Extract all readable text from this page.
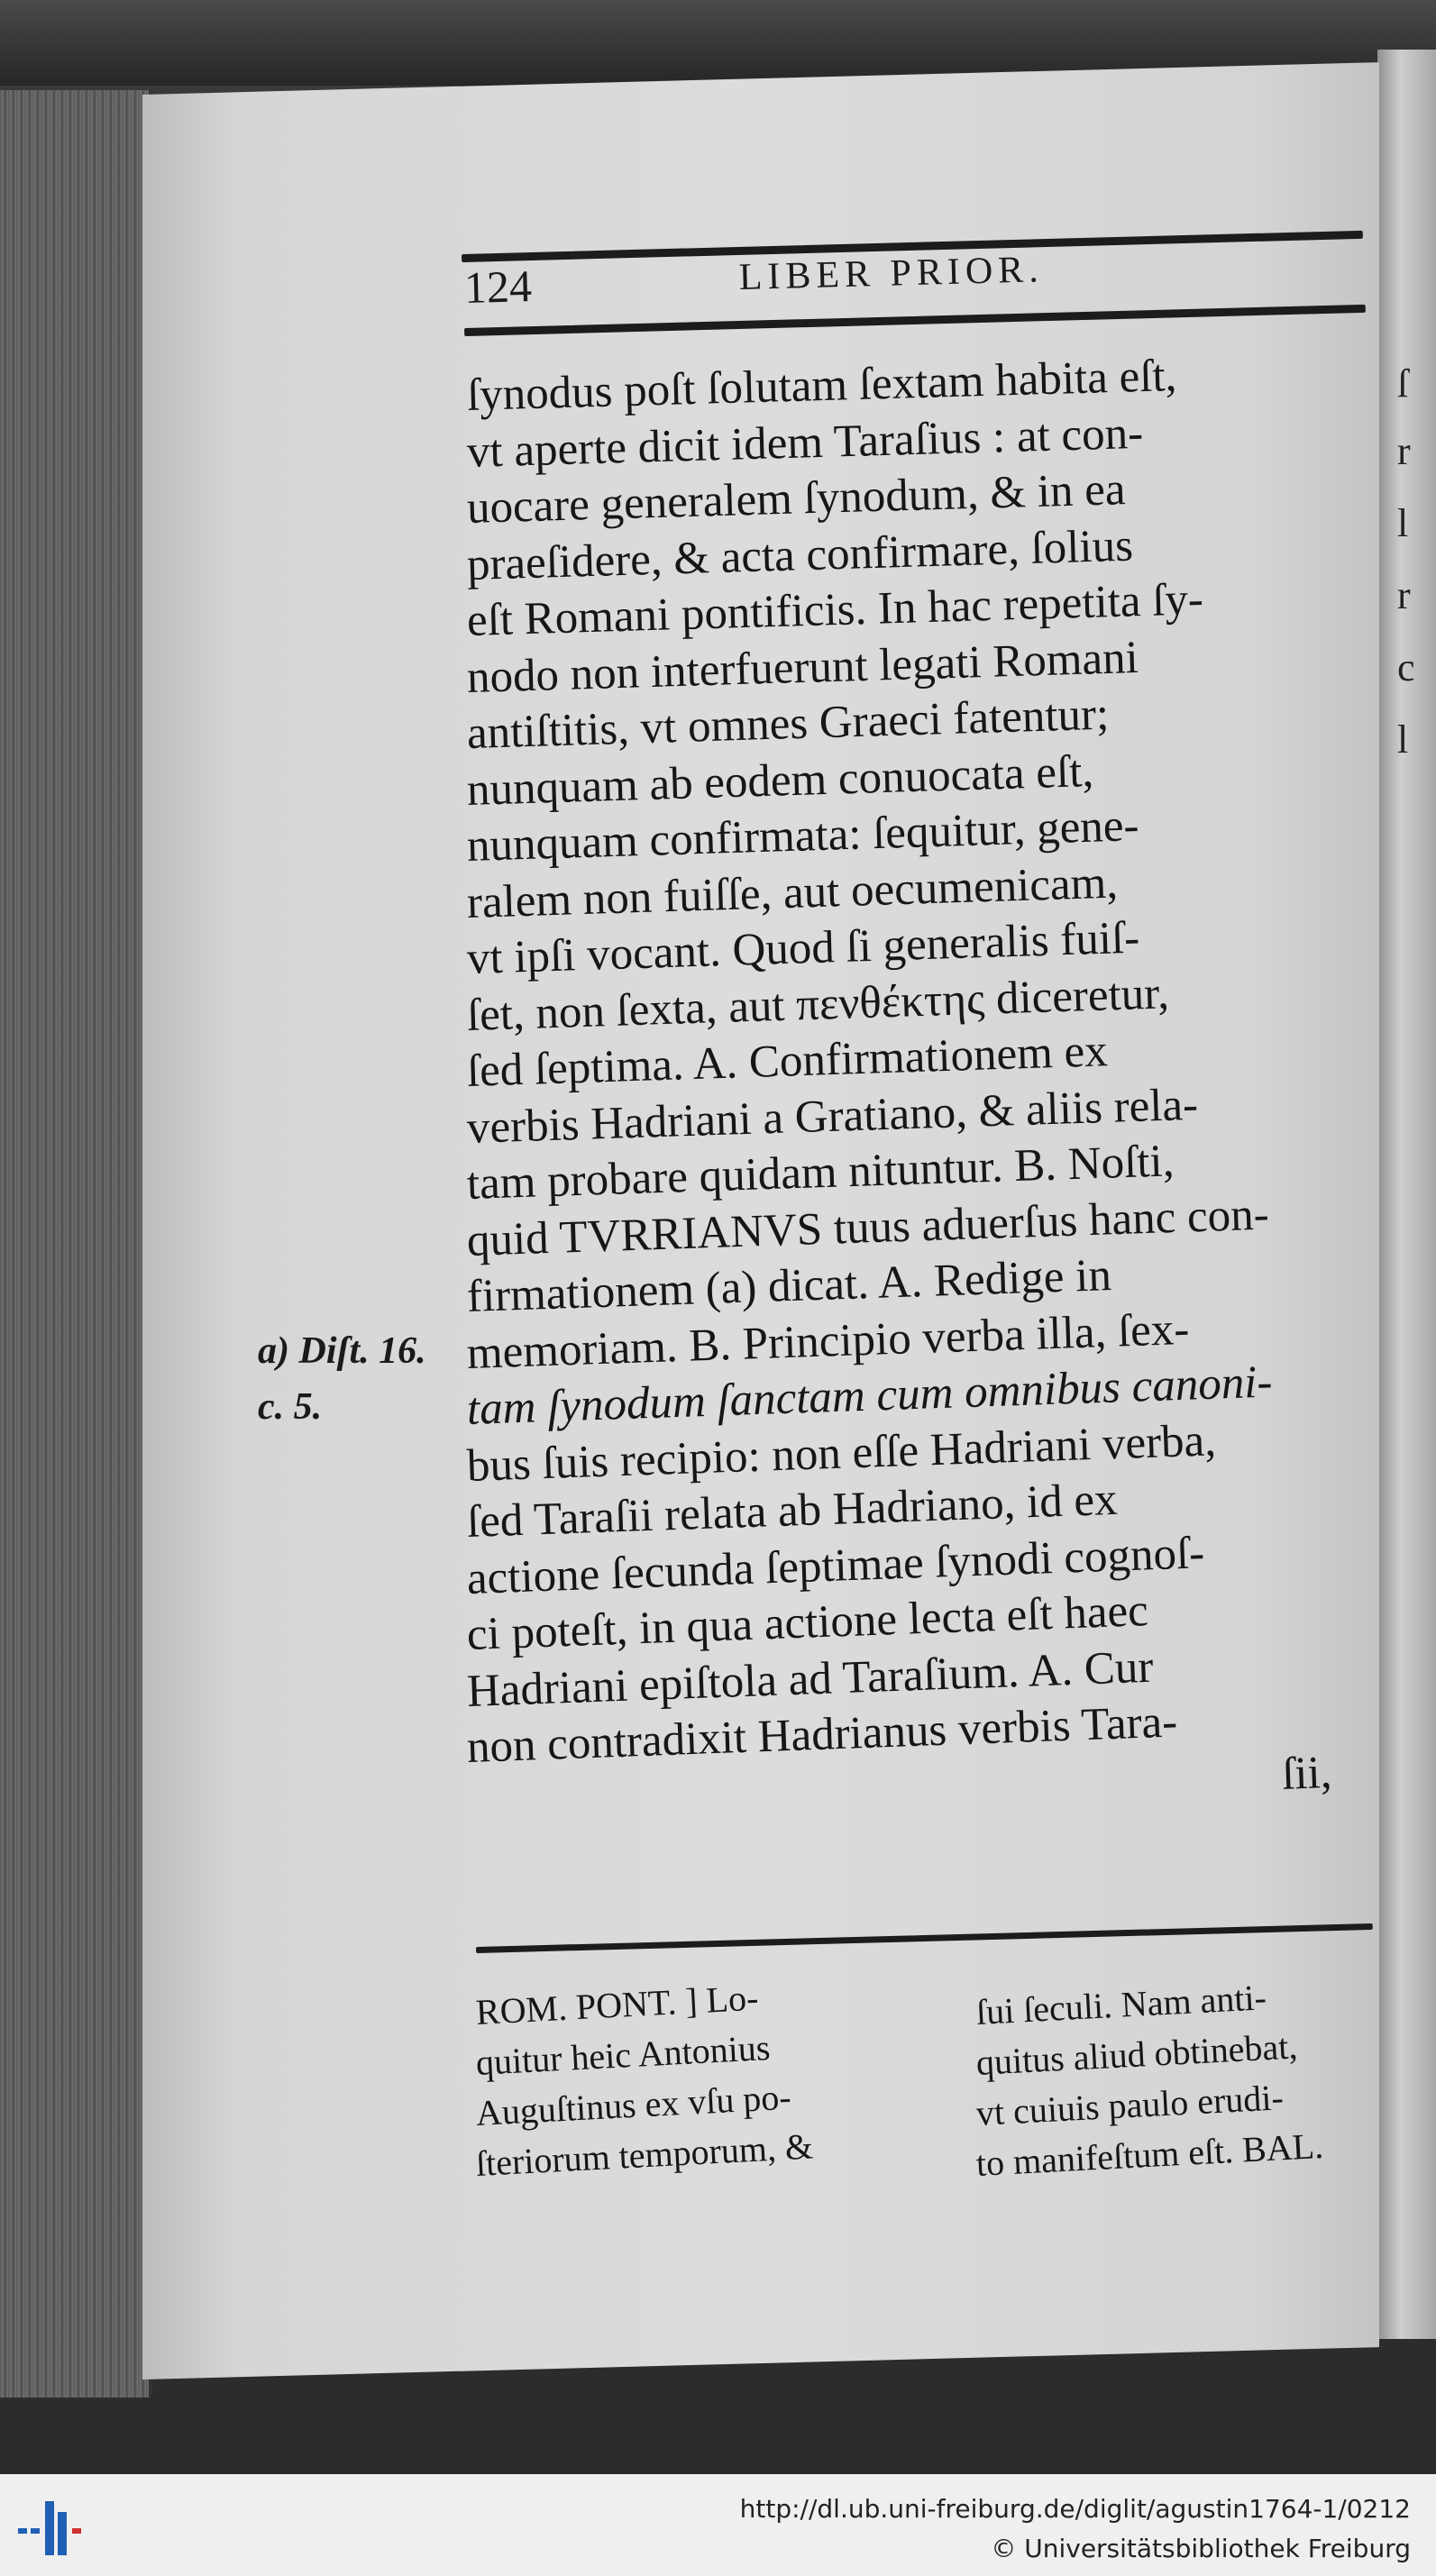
ſ
r
l
r
c
l
124	LIBER PRIOR.
ſynodus poſt ſolutam ſextam habita eſt,
vt aperte dicit idem Taraſius : at con-
uocare generalem ſynodum, & in ea
praeſidere, & acta confirmare, ſolius
eſt Romani pontificis. In hac repetita ſy-
nodo non interfuerunt legati Romani
antiſtitis, vt omnes Graeci fatentur;
nunquam ab eodem conuocata eſt,
nunquam confirmata: ſequitur, gene-
ralem non fuiſſe, aut oecumenicam,
vt ipſi vocant. Quod ſi generalis fuiſ-
ſet, non ſexta, aut πενθέκτης diceretur,
ſed ſeptima. A. Confirmationem ex
verbis Hadriani a Gratiano, & aliis rela-
tam probare quidam nituntur. B. Noſti,
quid TVRRIANVS tuus aduerſus hanc con-
firmationem (a) dicat. A. Redige in
memoriam. B. Principio verba illa, ſex-
tam ſynodum ſanctam cum omnibus canoni-
bus ſuis recipio: non eſſe Hadriani verba,
ſed Taraſii relata ab Hadriano, id ex
actione ſecunda ſeptimae ſynodi cognoſ-
ci poteſt, in qua actione lecta eſt haec
Hadriani epiſtola ad Taraſium. A. Cur
non contradixit Hadrianus verbis Tara-
ſii,
a) Diſt. 16.
c. 5.
ROM. PONT. ] Lo-
quitur heic Antonius
Auguſtinus ex vſu po-
ſteriorum temporum, &
ſui ſeculi. Nam anti-
quitus aliud obtinebat,
vt cuiuis paulo erudi-
to manifeſtum eſt. BAL.
http://dl.ub.uni-freiburg.de/diglit/agustin1764-1/0212
© Universitätsbibliothek Freiburg
